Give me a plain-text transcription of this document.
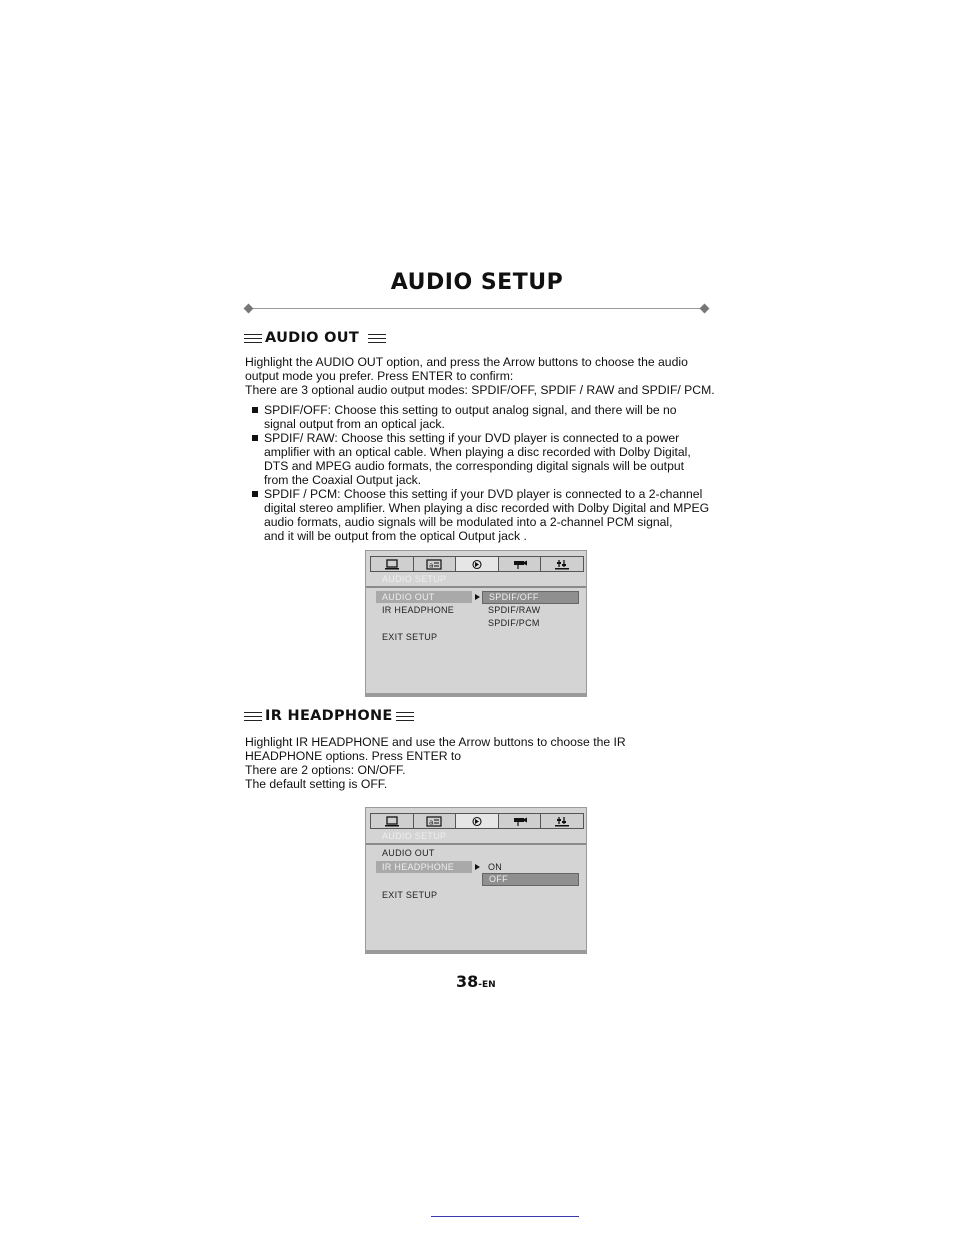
AUDIO SETUP
AUDIO OUT
Highlight the AUDIO OUT option, and press the Arrow buttons to choose the audio
output mode you prefer. Press ENTER to confirm:
There are 3 optional audio output modes: SPDIF/OFF, SPDIF / RAW and SPDIF/ PCM.
SPDIF/OFF: Choose this setting to output analog signal, and there will be no
signal output from an optical jack.
SPDIF/ RAW: Choose this setting if your DVD player is connected to a power
amplifier with an optical cable. When playing a disc recorded with Dolby Digital,
DTS and MPEG audio formats, the corresponding digital signals will be output
from the Coaxial Output jack.
SPDIF / PCM: Choose this setting if your DVD player is connected to a 2-channel
digital stereo amplifier. When playing a disc recorded with Dolby Digital and MPEG
audio formats, audio signals will be modulated into a 2-channel PCM signal,
and it will be output from the optical Output jack .
a
AUDIO SETUP
AUDIO OUT	SPDIF/OFF
IR HEADPHONE	SPDIF/RAW
SPDIF/PCM
EXIT SETUP
IR HEADPHONE
Highlight IR HEADPHONE and use the Arrow buttons to choose the IR
HEADPHONE options. Press ENTER to
There are 2 options: ON/OFF.
The default setting is OFF.
a
AUDIO SETUP
AUDIO OUT
IR HEADPHONE	ON
OFF
EXIT SETUP
38-EN
